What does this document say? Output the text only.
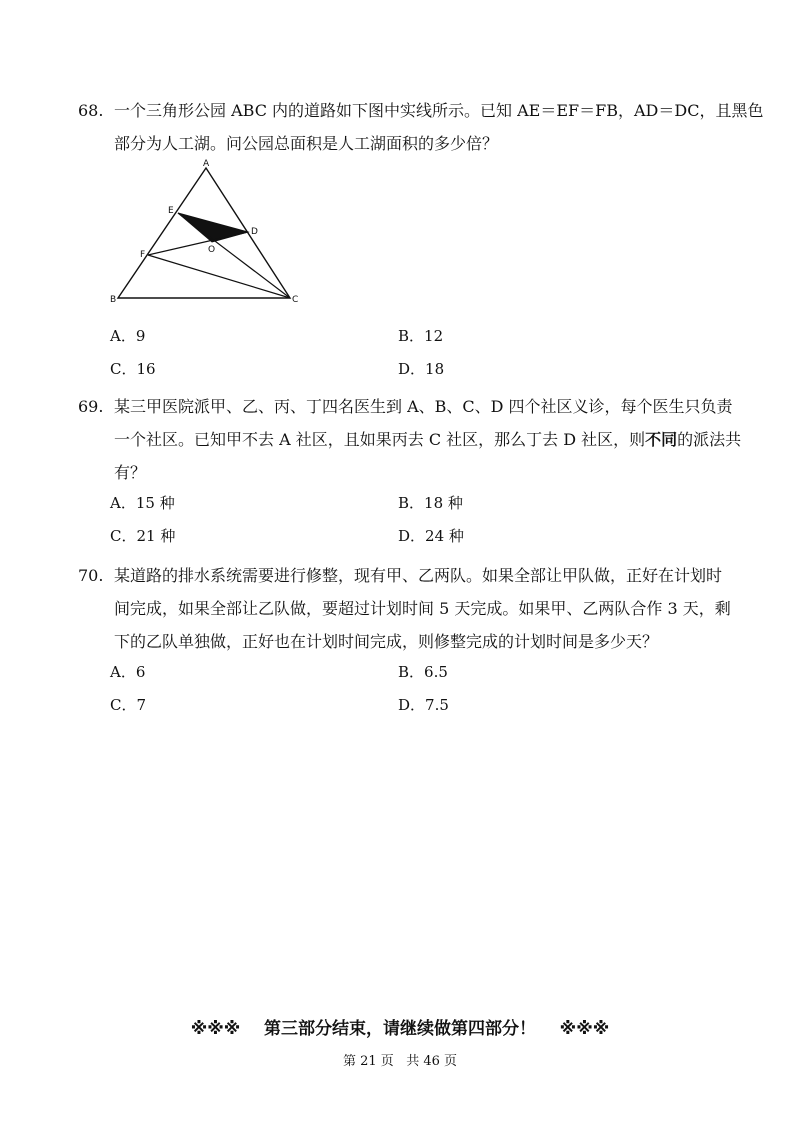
68. 一个三角形公园 ABC 内的道路如下图中实线所示。已知 AE＝EF＝FB，AD＝DC，且黑色
部分为人工湖。问公园总面积是人工湖面积的多少倍？
A
B	C
D
E
F	O
A．9	B．12
C．16	D．18
69. 某三甲医院派甲、乙、丙、丁四名医生到 A、B、C、D 四个社区义诊，每个医生只负责
一个社区。已知甲不去 A 社区，且如果丙去 C 社区，那么丁去 D 社区，则不同的派法共
有？
A．15 种	B．18 种
C．21 种	D．24 种
70. 某道路的排水系统需要进行修整，现有甲、乙两队。如果全部让甲队做，正好在计划时
间完成，如果全部让乙队做，要超过计划时间 5 天完成。如果甲、乙两队合作 3 天，剩
下的乙队单独做，正好也在计划时间完成，则修整完成的计划时间是多少天？
A．6	B．6.5
C．7	D．7.5
※※※    第三部分结束，请继续做第四部分！    ※※※
第 21 页   共 46 页
